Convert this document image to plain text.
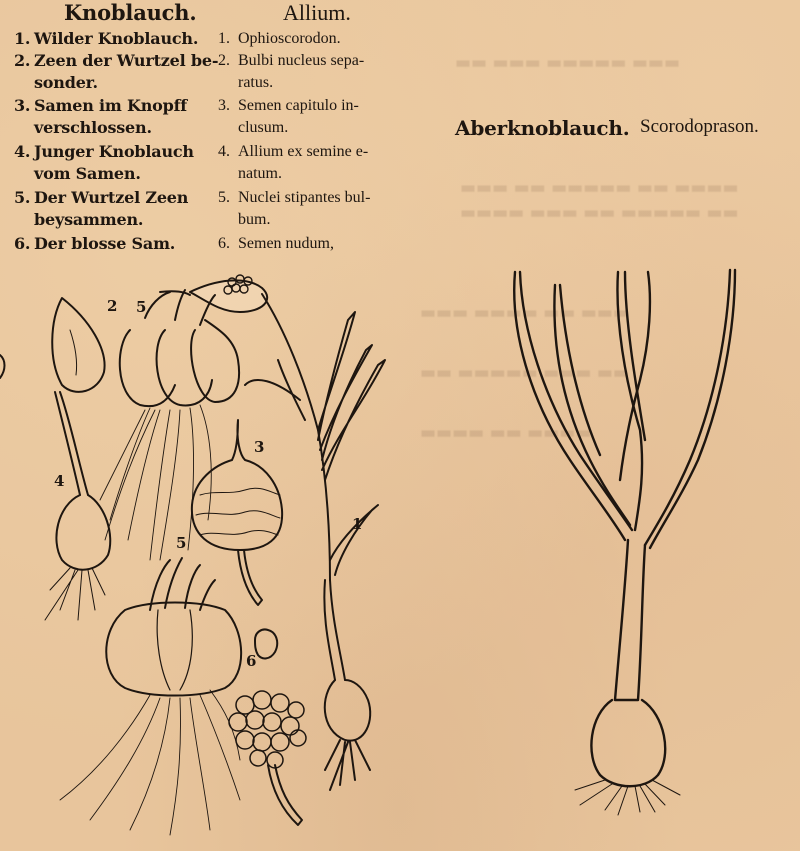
▬▬ ▬▬▬ ▬▬▬▬▬ ▬▬▬
▬▬▬ ▬▬ ▬▬▬▬▬ ▬▬ ▬▬▬▬
▬▬▬▬ ▬▬▬ ▬▬ ▬▬▬▬▬ ▬▬
▬▬▬ ▬▬▬▬ ▬▬ ▬▬▬
▬▬ ▬▬▬▬▬ ▬▬▬ ▬▬
▬▬▬▬ ▬▬ ▬▬▬▬
Knoblauch.	Allium.
1. Wilder Knoblauch.
2. Zeen der Wurtzel be-
sonder.
3. Samen im Knopff
verschlossen.
4. Junger Knoblauch
vom Samen.
5. Der Wurtzel Zeen
beysammen.
6. Der blosse Sam.
1. Ophioscorodon.
2. Bulbi nucleus sepa-
ratus.
3. Semen capitulo in-
clusum.
4. Allium ex semine e-
natum.
5. Nuclei stipantes bul-
bum.
6. Semen nudum,
Aberknoblauch. Scorodoprason.
2 5
3
4
5
1
6
